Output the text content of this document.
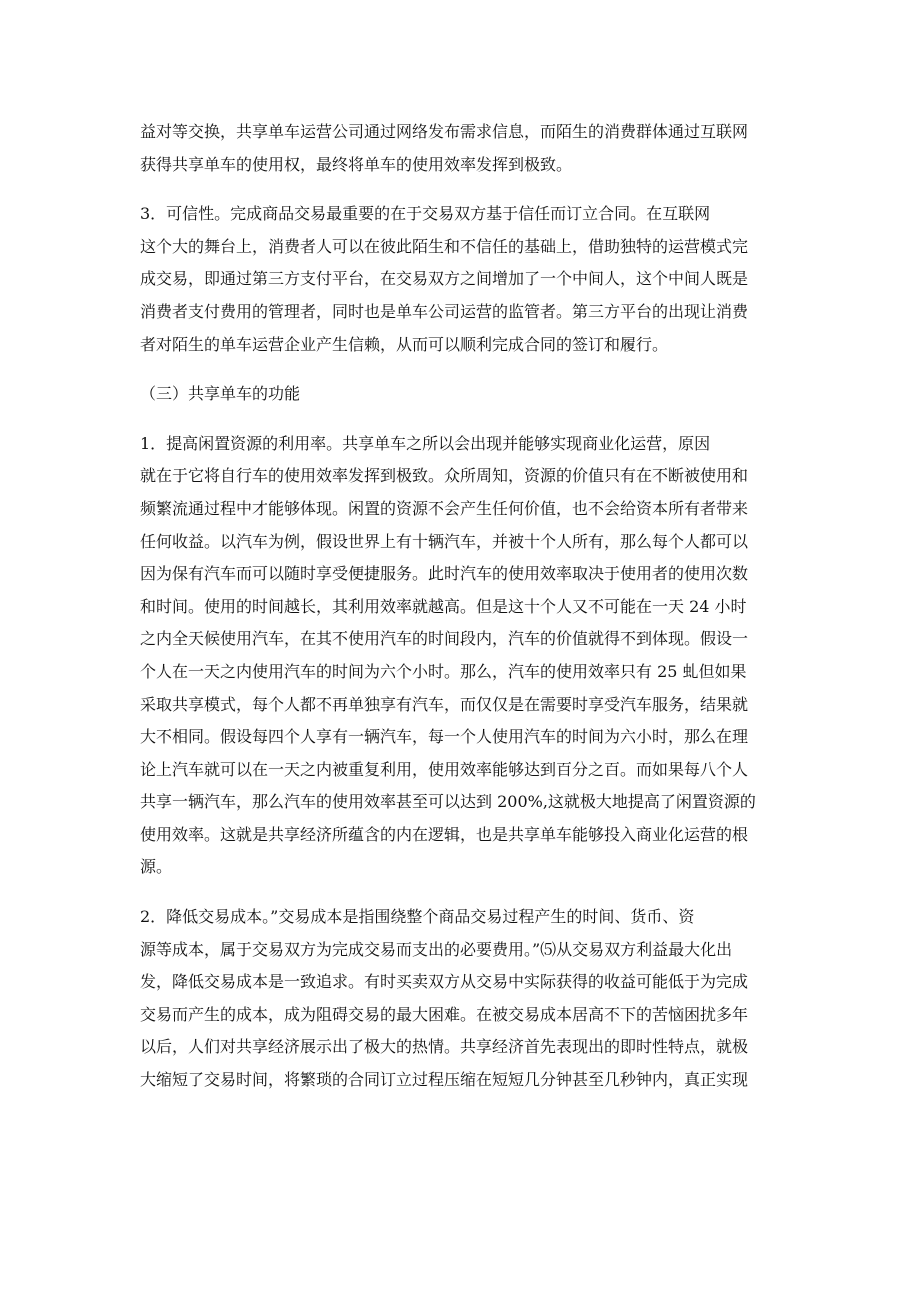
益对等交换，共享单车运营公司通过网络发布需求信息，而陌生的消费群体通过互联网
获得共享单车的使用权，最终将单车的使用效率发挥到极致。
3．可信性。完成商品交易最重要的在于交易双方基于信任而订立合同。在互联网
这个大的舞台上，消费者人可以在彼此陌生和不信任的基础上，借助独特的运营模式完
成交易，即通过第三方支付平台，在交易双方之间增加了一个中间人，这个中间人既是
消费者支付费用的管理者，同时也是单车公司运营的监管者。第三方平台的出现让消费
者对陌生的单车运营企业产生信赖，从而可以顺利完成合同的签订和履行。
（三）共享单车的功能
1．提高闲置资源的利用率。共享单车之所以会出现并能够实现商业化运营，原因
就在于它将自行车的使用效率发挥到极致。众所周知，资源的价值只有在不断被使用和
频繁流通过程中才能够体现。闲置的资源不会产生任何价值，也不会给资本所有者带来
任何收益。以汽车为例，假设世界上有十辆汽车，并被十个人所有，那么每个人都可以
因为保有汽车而可以随时享受便捷服务。此时汽车的使用效率取决于使用者的使用次数
和时间。使用的时间越长，其利用效率就越高。但是这十个人又不可能在一天 24 小时
之内全天候使用汽车，在其不使用汽车的时间段内，汽车的价值就得不到体现。假设一
个人在一天之内使用汽车的时间为六个小时。那么，汽车的使用效率只有 25 虬但如果
采取共享模式，每个人都不再单独享有汽车，而仅仅是在需要时享受汽车服务，结果就
大不相同。假设每四个人享有一辆汽车，每一个人使用汽车的时间为六小时，那么在理
论上汽车就可以在一天之内被重复利用，使用效率能够达到百分之百。而如果每八个人
共享一辆汽车，那么汽车的使用效率甚至可以达到 200%,这就极大地提高了闲置资源的
使用效率。这就是共享经济所蕴含的内在逻辑，也是共享单车能够投入商业化运营的根
源。
2．降低交易成本。”交易成本是指围绕整个商品交易过程产生的时间、货币、资
源等成本，属于交易双方为完成交易而支出的必要费用。”⑸从交易双方利益最大化出
发，降低交易成本是一致追求。有时买卖双方从交易中实际获得的收益可能低于为完成
交易而产生的成本，成为阻碍交易的最大困难。在被交易成本居高不下的苦恼困扰多年
以后，人们对共享经济展示出了极大的热情。共享经济首先表现出的即时性特点，就极
大缩短了交易时间，将繁琐的合同订立过程压缩在短短几分钟甚至几秒钟内，真正实现
